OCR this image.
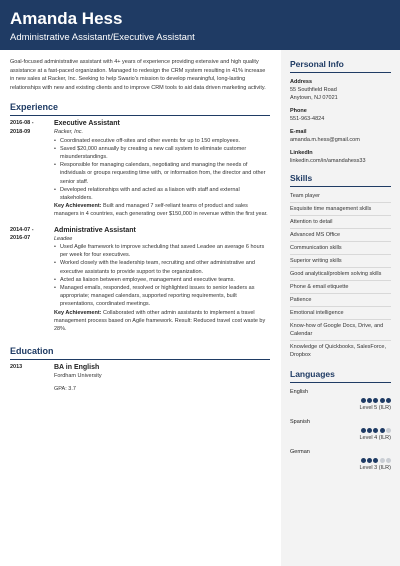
Amanda Hess
Administrative Assistant/Executive Assistant

Goal-focused administrative assistant with 4+ years of experience providing extensive and high quality assistance at a fast-paced organization. Managed to redesign the CRM system resulting in 41% increase in new sales at Racker, Inc. Seeking to help Swario's mission to develop meaningful, long-lasting relationships with new and existing clients and to improve CRM tools to aid data driven marketing activity.

Experience
2016-08 -
2018-09
Executive Assistant
Racker, Inc.
• Coordinated executive off-sites and other events for up to 150 employees.
• Saved $20,000 annually by creating a new call system to eliminate customer misunderstandings.
• Responsible for managing calendars, negotiating and managing the needs of individuals or groups requesting time with, or information from, the director and other senior staff.
• Developed relationships with and acted as a liaison with staff and external stakeholders.

Key Achievement: Built and managed 7 self-reliant teams of product and sales managers in 4 countries, each generating over $150,000 in revenue within the first year.

2014-07 -
2016-07
Administrative Assistant
Leadee
• Used Agile framework to improve scheduling that saved Leadee an average 6 hours per week for four executives.
• Worked closely with the leadership team, recruiting and other administrative and executive assistants to provide support to the organization.
• Acted as liaison between employee, management and executive teams.
• Managed emails, responded, resolved or highlighted issues to senior leaders as appropriate; managed calendars, supported reporting requirements, built presentations, coordinated meetings.

Key Achievement: Collaborated with other admin assistants to implement a travel management process based on Agile framework. Result: Reduced travel cost waste by 28%.

Education
2013	BA in English
Fordham University
GPA: 3.7
Personal Info
Address
55 Southfield Road
Anytown, NJ 07021
Phone
551-963-4824
E-mail
amanda.m.hess@gmail.com
LinkedIn
linkedin.com/in/amandahess33
Skills
Team player
Exquisite time management skills
Attention to detail
Advanced MS Office
Communication skills
Superior writing skills
Good analytical/problem solving skills
Phone & email etiquette
Patience
Emotional intelligence
Know-how of Google Docs, Drive, and Calendar
Knowledge of Quickbooks, SalesForce, Dropbox
Languages
English
Level 5 (ILR)
Spanish
Level 4 (ILR)
German
Level 3 (ILR)
